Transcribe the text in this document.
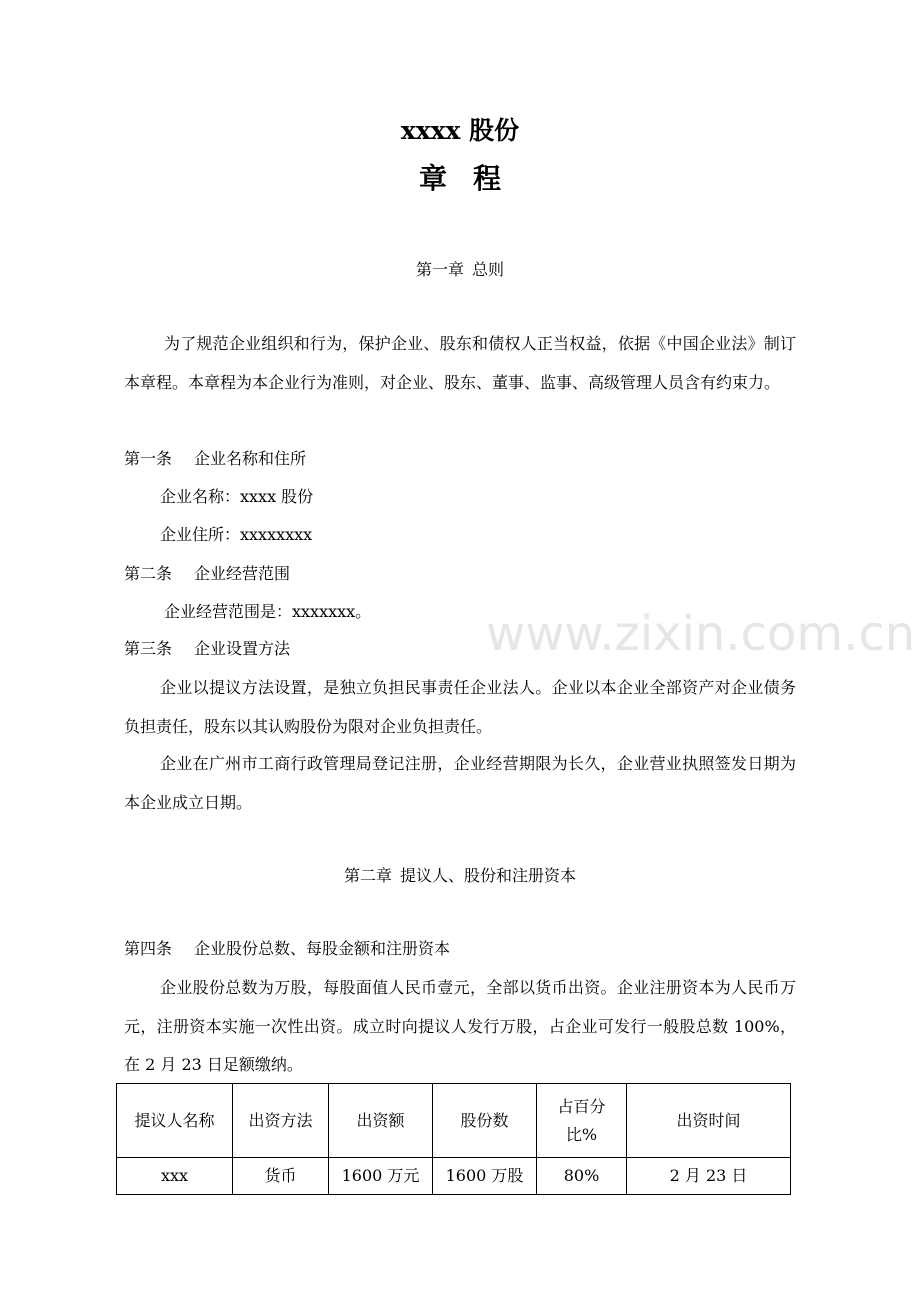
xxxx 股份
章 程

第一章 总则

为了规范企业组织和行为，保护企业、股东和债权人正当权益，依据《中国企业法》制订本章程。本章程为本企业行为准则，对企业、股东、董事、监事、高级管理人员含有约束力。

第一条 企业名称和住所

企业名称：xxxx 股份

企业住所：xxxxxxxx

第二条 企业经营范围

企业经营范围是：xxxxxxx。

第三条 企业设置方法

企业以提议方法设置，是独立负担民事责任企业法人。企业以本企业全部资产对企业债务负担责任，股东以其认购股份为限对企业负担责任。

企业在广州市工商行政管理局登记注册，企业经营期限为长久，企业营业执照签发日期为本企业成立日期。

第二章 提议人、股份和注册资本

第四条 企业股份总数、每股金额和注册资本

企业股份总数为万股，每股面值人民币壹元，全部以货币出资。企业注册资本为人民币万元，注册资本实施一次性出资。成立时向提议人发行万股，占企业可发行一般股总数 100%，在 2 月 23 日足额缴纳。

提议人名称	出资方法	出资额	股份数	占百分比%	出资时间
xxx	货币	1600 万元	1600 万股	80%	2 月 23 日
www.zixin.com.cn
